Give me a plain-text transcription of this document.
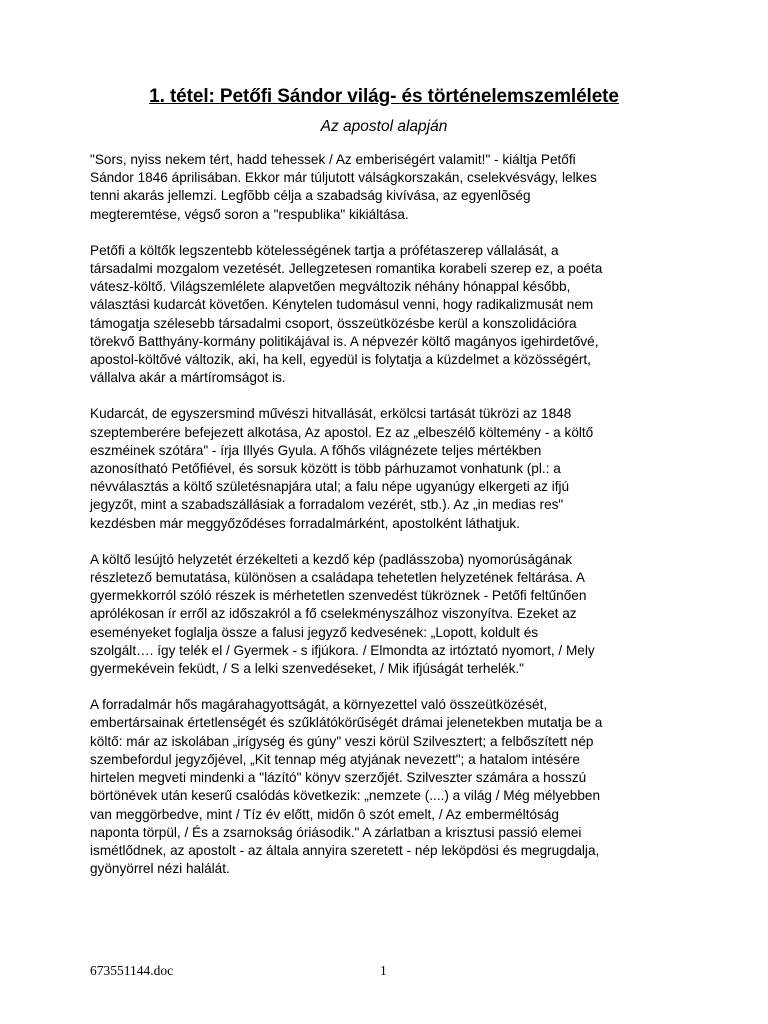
1. tétel: Petőfi Sándor világ- és történelemszemlélete
Az apostol alapján

"Sors, nyiss nekem tért, hadd tehessek / Az emberiségért valamit!" - kiáltja Petőfi
Sándor 1846 áprilisában. Ekkor már túljutott válságkorszakán, cselekvésvágy, lelkes
tenni akarás jellemzi. Legfõbb célja a szabadság kivívása, az egyenlõség
megteremtése, végső soron a "respublika" kikiáltása.

Petőfi a költők legszentebb kötelességének tartja a prófétaszerep vállalását, a
társadalmi mozgalom vezetését. Jellegzetesen romantika korabeli szerep ez, a poéta
vátesz-költő. Világszemlélete alapvetően megváltozik néhány hónappal később,
választási kudarcát követően. Kénytelen tudomásul venni, hogy radikalizmusát nem
támogatja szélesebb társadalmi csoport, összeütközésbe kerül a konszolidációra
törekvő Batthyány-kormány politikájával is. A népvezér költő magányos igehirdetővé,
apostol-költővé változik, aki, ha kell, egyedül is folytatja a küzdelmet a közösségért,
vállalva akár a mártíromságot is.

Kudarcát, de egyszersmind művészi hitvallását, erkölcsi tartását tükrözi az 1848
szeptemberére befejezett alkotása, Az apostol. Ez az „elbeszélő költemény - a költő
eszméinek szótára" - írja Illyés Gyula. A főhős világnézete teljes mértékben
azonosítható Petőfiével, és sorsuk között is több párhuzamot vonhatunk (pl.: a
névválasztás a költő születésnapjára utal; a falu népe ugyanúgy elkergeti az ifjú
jegyzőt, mint a szabadszállásiak a forradalom vezérét, stb.). Az „in medias res"
kezdésben már meggyőződéses forradalmárként, apostolként láthatjuk.

A költő lesújtó helyzetét érzékelteti a kezdő kép (padlásszoba) nyomorúságának
részletező bemutatása, különösen a családapa tehetetlen helyzetének feltárása. A
gyermekkorról szóló részek is mérhetetlen szenvedést tükröznek - Petőfi feltűnően
aprólékosan ír erről az időszakról a fő cselekményszálhoz viszonyítva. Ezeket az
eseményeket foglalja össze a falusi jegyző kedvesének: „Lopott, koldult és
szolgált…. így telék el / Gyermek - s ifjúkora. / Elmondta az irtóztató nyomort, / Mely
gyermekévein feküdt, / S a lelki szenvedéseket, / Mik ifjúságát terhelék."

A forradalmár hős magárahagyottságát, a környezettel való összeütközését,
embertársainak értetlenségét és szűklátókörűségét drámai jelenetekben mutatja be a
költő: már az iskolában „irígység és gúny" veszi körül Szilvesztert; a felbőszített nép
szembefordul jegyzőjével, „Kit tennap még atyjának nevezett"; a hatalom intésére
hirtelen megveti mindenki a "lázító" könyv szerzőjét. Szilveszter számára a hosszú
börtönévek után keserű csalódás következik: „nemzete (....) a világ / Még mélyebben
van meggörbedve, mint / Tíz év előtt, midőn ô szót emelt, / Az emberméltóság
naponta törpül, / És a zsarnokság óriásodik." A zárlatban a krisztusi passió elemei
ismétlődnek, az apostolt - az általa annyira szeretett - nép leköpdösi és megrugdalja,
gyönyörrel nézi halálát.

673551144.doc	1
